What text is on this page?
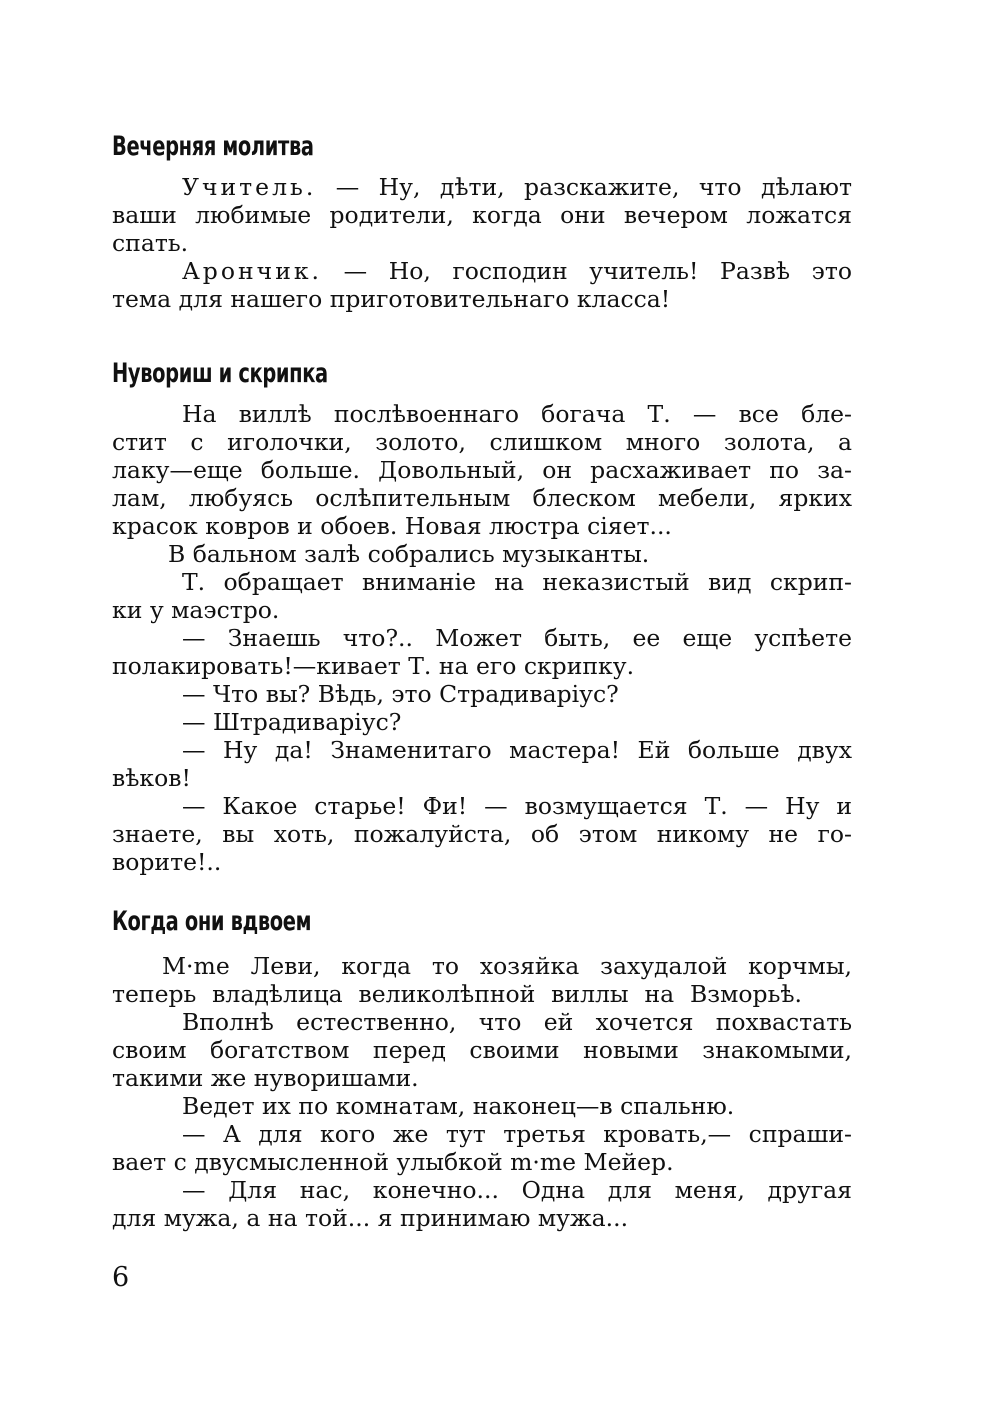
Вечерняя молитва
Учитель. — Ну, дѣти, разскажите, что дѣлают
ваши любимые родители, когда они вечером ложатся
спать.
Арончик. — Но, господин учитель! Развѣ это
тема для нашего приготовительнаго класса!
Нувориш и скрипка
На виллѣ послѣвоеннаго богача Т. — все бле-
стит с иголочки, золото, слишком много золота, а
лаку—еще больше. Довольный, он расхаживает по за-
лам, любуясь ослѣпительным блеском мебели, ярких
красок ковров и обоев. Новая люстра сіяет...
В бальном залѣ собрались музыканты.
Т. обращает вниманіе на неказистый вид скрип-
ки у маэстро.
— Знаешь что?.. Может быть, ее еще успѣете
полакировать!—кивает Т. на его скрипку.
— Что вы? Вѣдь, это Страдиваріус?
— Штрадиваріус?
— Ну да! Знаменитаго мастера! Ей больше двух
вѣков!
— Какое старье! Фи! — возмущается Т. — Ну и
знаете, вы хоть, пожалуйста, об этом никому не го-
ворите!..
Когда они вдвоем
M·me Леви, когда то хозяйка захудалой корчмы,
теперь владѣлица великолѣпной виллы на Взморьѣ.
Вполнѣ естественно, что ей хочется похвастать
своим богатством перед своими новыми знакомыми,
такими же нуворишами.
Ведет их по комнатам, наконец—в спальню.
— А для кого же тут третья кровать,— спраши-
вает с двусмысленной улыбкой m·me Мейер.
— Для нас, конечно... Одна для меня, другая
для мужа, а на той... я принимаю мужа...
6
